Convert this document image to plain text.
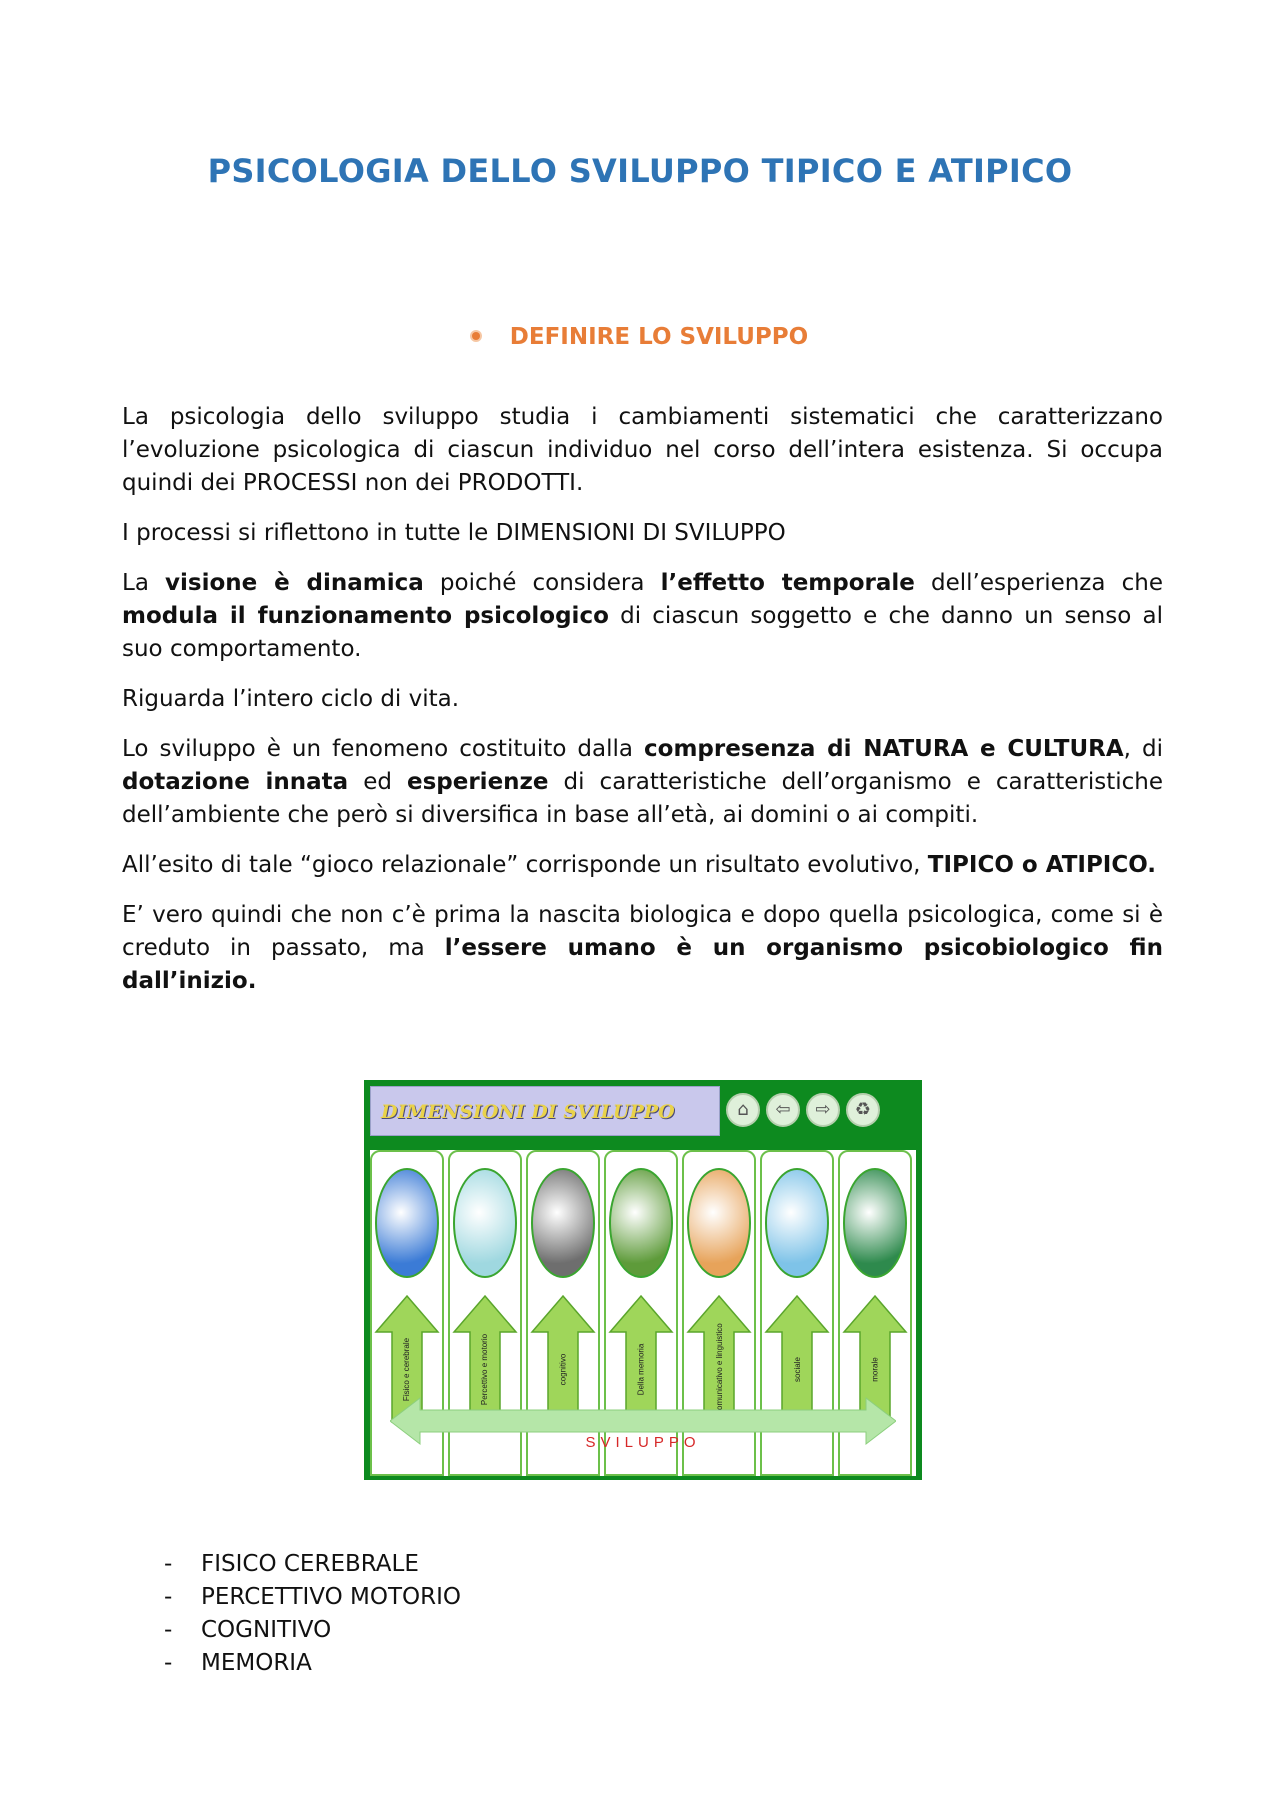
PSICOLOGIA DELLO SVILUPPO TIPICO E ATIPICO
DEFINIRE LO SVILUPPO

La psicologia dello sviluppo studia i cambiamenti sistematici che caratterizzano l’evoluzione psicologica di ciascun individuo nel corso dell’intera esistenza. Si occupa quindi dei PROCESSI non dei PRODOTTI.

I processi si riflettono in tutte le DIMENSIONI DI SVILUPPO

La visione è dinamica poiché considera l’effetto temporale dell’esperienza che modula il funzionamento psicologico di ciascun soggetto e che danno un senso al suo comportamento.

Riguarda l’intero ciclo di vita.

Lo sviluppo è un fenomeno costituito dalla compresenza di NATURA e CULTURA, di dotazione innata ed esperienze di caratteristiche dell’organismo e caratteristiche dell’ambiente che però si diversifica in base all’età, ai domini o ai compiti.

All’esito di tale “gioco relazionale” corrisponde un risultato evolutivo, TIPICO o ATIPICO.

E’ vero quindi che non c’è prima la nascita biologica e dopo quella psicologica, come si è creduto in passato, ma l’essere umano è un organismo psicobiologico fin dall’inizio.

DIMENSIONI DI SVILUPPO	⌂	⇦	⇨	♻
morale
sociale
Comunicativo e linguistico
Della memoria
cognitivo
Percettivo e motorio
Fisico e cerebrale
SVILUPPO
- FISICO CEREBRALE
- PERCETTIVO MOTORIO
- COGNITIVO
- MEMORIA
